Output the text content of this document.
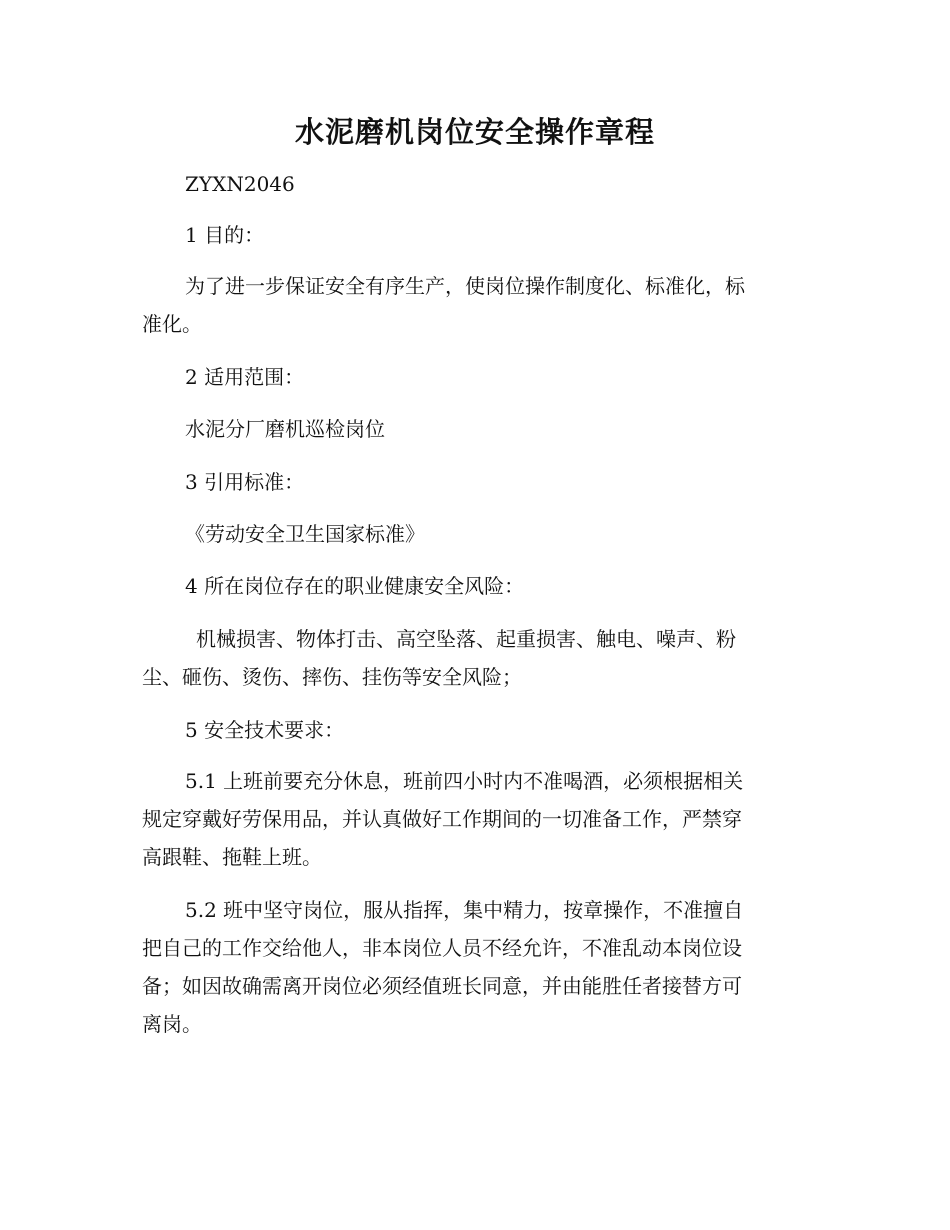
水泥磨机岗位安全操作章程

ZYXN2046

1 目的：

为了进一步保证安全有序生产，使岗位操作制度化、标准化，标

准化。

2 适用范围：

水泥分厂磨机巡检岗位

3 引用标准：

《劳动安全卫生国家标准》

4 所在岗位存在的职业健康安全风险：

机械损害、物体打击、高空坠落、起重损害、触电、噪声、粉

尘、砸伤、烫伤、摔伤、挂伤等安全风险；

5 安全技术要求：

5.1 上班前要充分休息，班前四小时内不准喝酒，必须根据相关

规定穿戴好劳保用品，并认真做好工作期间的一切准备工作，严禁穿

高跟鞋、拖鞋上班。

5.2 班中坚守岗位，服从指挥，集中精力，按章操作，不准擅自

把自己的工作交给他人，非本岗位人员不经允许，不准乱动本岗位设

备；如因故确需离开岗位必须经值班长同意，并由能胜任者接替方可

离岗。
